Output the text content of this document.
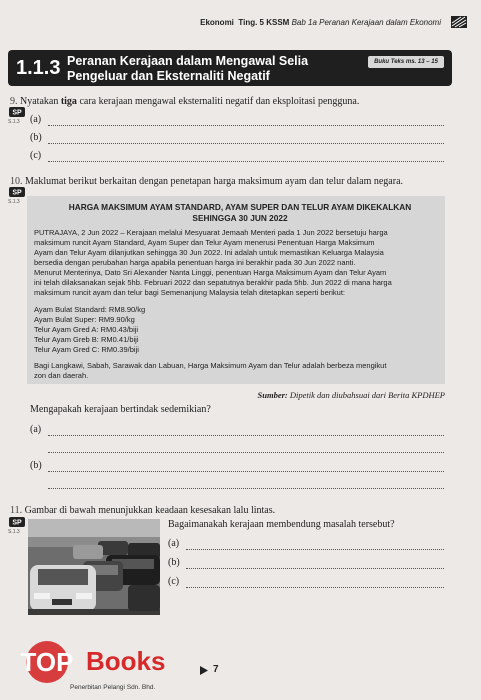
Ekonomi Ting. 5 KSSM Bab 1a Peranan Kerajaan dalam Ekonomi
1.1.3 Peranan Kerajaan dalam Mengawal Selia
Pengeluar dan Eksternaliti Negatif
Buku Teks ms. 13 – 15
9. Nyatakan tiga cara kerajaan mengawal eksternaliti negatif dan eksploitasi pengguna.
SP
S.1.3 (a)
(b)
(c)
10. Maklumat berikut berkaitan dengan penetapan harga maksimum ayam dan telur dalam negara.
SP
S.1.3	HARGA MAKSIMUM AYAM STANDARD, AYAM SUPER DAN TELUR AYAM DIKEKALKAN
SEHINGGA 30 JUN 2022
PUTRAJAYA, 2 Jun 2022 – Kerajaan melalui Mesyuarat Jemaah Menteri pada 1 Jun 2022 bersetuju harga
maksimum runcit Ayam Standard, Ayam Super dan Telur Ayam menerusi Penentuan Harga Maksimum
Ayam dan Telur Ayam dilanjutkan sehingga 30 Jun 2022. Ini adalah untuk memastikan Keluarga Malaysia
bersedia dengan perubahan harga apabila penentuan harga ini berakhir pada 30 Jun 2022 nanti.
Menurut Menterinya, Dato Sri Alexander Nanta Linggi, penentuan Harga Maksimum Ayam dan Telur Ayam
ini telah dilaksanakan sejak 5hb. Februari 2022 dan sepatutnya berakhir pada 5hb. Jun 2022 di mana harga
maksimum runcit ayam dan telur bagi Semenanjung Malaysia telah ditetapkan seperti berikut:
Ayam Bulat Standard: RM8.90/kg
Ayam Bulat Super: RM9.90/kg
Telur Ayam Gred A: RM0.43/biji
Telur Ayam Greb B: RM0.41/biji
Telur Ayam Gred C: RM0.39/biji
Bagi Langkawi, Sabah, Sarawak dan Labuan, Harga Maksimum Ayam dan Telur adalah berbeza mengikut
zon dan daerah.
Sumber: Dipetik dan diubahsuai dari Berita KPDHEP
Mengapakah kerajaan bertindak sedemikian?
(a)
(b)
11. Gambar di bawah menunjukkan keadaan kesesakan lalu lintas.
SP
S.1.3
Bagaimanakah kerajaan membendung masalah tersebut?
(a)
(b)
(c)
TOP Books
Penerbitan Pelangi Sdn. Bhd.
7
